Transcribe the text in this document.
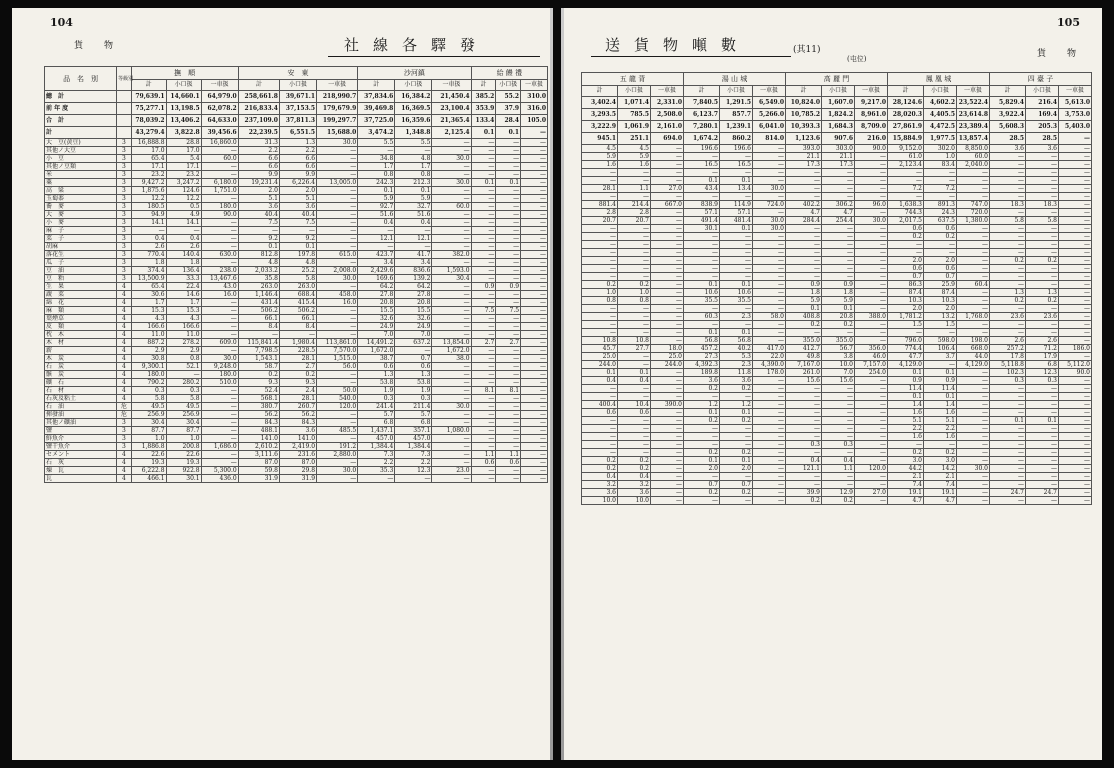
104
貨　物	社線各驛發
品　名　別	等級別	撫　順			安　東			沙河鎮			給 饅 禮		
		計	小口扱	一車扱	計	小口扱	一車扱	計	小口扱	一車扱	計	小口扱	一車扱
總　計		79,639.1	14,660.1	64,979.0	258,661.8	39,671.1	218,990.7	37,834.6	16,384.2	21,450.4	385.2	55.2	310.0
前 年 度		75,277.1	13,198.5	62,078.2	216,833.4	37,153.5	179,679.9	39,469.8	16,369.5	23,100.4	353.9	37.9	316.0
合　計		78,039.2	13,406.2	64,633.0	237,109.0	37,811.3	199,297.7	37,725.0	16,359.6	21,365.4	133.4	28.4	105.0
計		43,279.4	3,822.8	39,456.6	22,239.5	6,551.5	15,688.0	3,474.2	1,348.8	2,125.4	0.1	0.1	—
大　豆(黄豆)	3	16,888.8	28.8	16,860.0	31.3	1.3	30.0	5.5	5.5	—	—	—	—
其他ノ大豆	3	17.0	17.0	—	2.2	2.2	—	—	—	—	—	—	—
小　豆	3	65.4	5.4	60.0	6.6	6.6	—	34.8	4.8	30.0	—	—	—
其他ノ豆類	3	17.1	17.1	—	6.6	6.6	—	1.7	1.7	—	—	—	—
米	3	23.2	23.2	—	9.9	9.9	—	0.8	0.8	—	—	—	—
粟	3	9,427.2	3,247.2	6,180.0	19,231.4	6,226.4	13,005.0	242.3	212.3	30.0	0.1	0.1	—
高　粱	3	1,875.6	124.6	1,751.0	2.0	2.0	—	0.1	0.1	—	—	—	—
玉蜀黍	3	12.2	12.2	—	5.1	5.1	—	5.9	5.9	—	—	—	—
蕎　麥	3	180.5	0.5	180.0	3.6	3.6	—	92.7	32.7	60.0	—	—	—
大　麥	3	94.9	4.9	90.0	40.4	40.4	—	51.6	51.6	—	—	—	—
小　麥	3	14.1	14.1	—	7.5	7.5	—	0.4	0.4	—	—	—	—
麻　子	3	—	—	—	—	—	—	—	—	—	—	—	—
菜　子	3	0.4	0.4	—	9.2	9.2	—	12.1	12.1	—	—	—	—
胡麻	3	2.6	2.6	—	0.1	0.1	—	—	—	—	—	—	—
落花生	3	770.4	140.4	630.0	812.8	197.8	615.0	423.7	41.7	382.0	—	—	—
瓜　子	3	1.8	1.8	—	4.8	4.8	—	3.4	3.4	—	—	—	—
豆　油	3	374.4	136.4	238.0	2,033.2	25.2	2,008.0	2,429.6	836.6	1,593.0	—	—	—
豆　粕	3	13,500.9	33.3	13,467.6	35.8	5.8	30.0	169.6	139.2	30.4	—	—	—
生　果	4	65.4	22.4	43.0	263.0	263.0	—	64.2	64.2	—	0.9	0.9	—
蔬　菜	4	30.6	14.6	16.0	1,146.4	688.4	458.0	27.8	27.8	—	—	—	—
綿　花	4	1.7	1.7	—	431.4	415.4	16.0	20.8	20.8	—	—	—	—
麻　類	4	15.3	15.3	—	506.2	506.2	—	15.5	15.5	—	7.5	7.5	—
葉煙草	4	4.3	4.3	—	66.1	66.1	—	32.6	32.6	—	—	—	—
皮　類	4	166.6	166.6	—	8.4	8.4	—	24.9	24.9	—	—	—	—
枕　木	4	11.0	11.0	—	—	—	—	7.0	7.0	—	—	—	—
木　材	4	887.2	278.2	609.0	115,841.4	1,980.4	113,861.0	14,491.2	637.2	13,854.0	2.7	2.7	—
薪	4	2.9	2.9	—	7,798.5	228.5	7,570.0	1,672.0	—	1,672.0	—	—	—
木　炭	4	30.8	0.8	30.0	1,543.1	28.1	1,515.0	38.7	0.7	38.0	—	—	—
石　炭	4	9,300.1	52.1	9,248.0	58.7	2.7	56.0	0.6	0.6	—	—	—	—
骸　炭	4	180.0	—	180.0	0.2	0.2	—	1.3	1.3	—	—	—	—
礦　石	4	790.2	280.2	510.0	9.3	9.3	—	53.8	53.8	—	—	—	—
石　材	4	0.3	0.3	—	52.4	2.4	50.0	1.9	1.9	—	8.1	8.1	—
石灰及粘土	4	5.8	5.8	—	568.1	28.1	540.0	0.3	0.3	—	—	—	—
石　油	危	49.5	49.5	—	380.7	260.7	120.0	241.4	211.4	30.0	—	—	—
揮發油	危	256.9	256.9	—	56.2	56.2	—	5.7	5.7	—	—	—	—
其他ノ礦油	3	30.4	30.4	—	84.3	84.3	—	6.8	6.8	—	—	—	—
鹽	3	87.7	87.7	—	488.1	3.6	485.5	1,437.1	357.1	1,080.0	—	—	—
鮮魚介	3	1.0	1.0	—	141.0	141.0	—	457.0	457.0	—	—	—	—
鹽干魚介	3	1,886.8	200.8	1,686.0	2,610.2	2,419.0	191.2	1,384.4	1,384.4	—	—	—	—
セメント	4	22.6	22.6	—	3,111.6	231.6	2,880.0	7.3	7.3	—	1.1	1.1	—
石　灰	4	19.3	19.3	—	87.0	87.0	—	2.2	2.2	—	0.6	0.6	—
煉　瓦	4	6,222.8	922.8	5,300.0	59.8	29.8	30.0	35.3	12.3	23.0	—	—	—
瓦	4	466.1	30.1	436.0	31.9	31.9	—	—	—	—	—	—	—
送貨物噸數	(其11)
(屯位)
105
貨　物
五 龍 背			湯 山 城			高 麗 門			鳳 凰 城			四 臺 子		
計	小口扱	一車扱	計	小口扱	一車扱	計	小口扱	一車扱	計	小口扱	一車扱	計	小口扱	一車扱
3,402.4	1,071.4	2,331.0	7,840.5	1,291.5	6,549.0	10,824.0	1,607.0	9,217.0	28,124.6	4,602.2	23,522.4	5,829.4	216.4	5,613.0
3,293.5	785.5	2,508.0	6,123.7	857.7	5,266.0	10,785.2	1,824.2	8,961.0	28,020.3	4,405.5	23,614.8	3,922.4	169.4	3,753.0
3,222.9	1,061.9	2,161.0	7,280.1	1,239.1	6,041.0	10,393.3	1,684.3	8,709.0	27,861.9	4,472.5	23,389.4	5,608.3	205.3	5,403.0
945.1	251.1	694.0	1,674.2	860.2	814.0	1,123.6	907.6	216.0	15,884.9	1,977.5	13,857.4	28.5	28.5	—
4.5	4.5	—	196.6	196.6	—	393.0	303.0	90.0	9,152.0	302.0	8,850.0	3.6	3.6	—
5.9	5.9	—	—	—	—	21.1	21.1	—	61.0	1.0	60.0	—	—	—
1.6	1.6	—	16.5	16.5	—	17.3	17.3	—	2,123.4	83.4	2,040.0	—	—	—
—	—	—	—	—	—	—	—	—	—	—	—	—	—	—
—	—	—	0.1	0.1	—	—	—	—	—	—	—	—	—	—
28.1	1.1	27.0	43.4	13.4	30.0	—	—	—	7.2	7.2	—	—	—	—
—	—	—	—	—	—	—	—	—	—	—	—	—	—	—
881.4	214.4	667.0	838.9	114.9	724.0	402.2	306.2	96.0	1,638.3	891.3	747.0	18.3	18.3	—
2.8	2.8	—	57.1	57.1	—	4.7	4.7	—	744.3	24.3	720.0	—	—	—
20.7	20.7	—	491.4	481.4	30.0	284.4	254.4	30.0	2,017.5	637.5	1,380.0	5.8	5.8	—
—	—	—	30.1	0.1	30.0	—	—	—	0.6	0.6	—	—	—	—
—	—	—	—	—	—	—	—	—	0.2	0.2	—	—	—	—
—	—	—	—	—	—	—	—	—	—	—	—	—	—	—
—	—	—	—	—	—	—	—	—	—	—	—	—	—	—
—	—	—	—	—	—	—	—	—	2.0	2.0	—	0.2	0.2	—
—	—	—	—	—	—	—	—	—	0.6	0.6	—	—	—	—
—	—	—	—	—	—	—	—	—	0.7	0.7	—	—	—	—
0.2	0.2	—	0.1	0.1	—	0.9	0.9	—	86.3	25.9	60.4	—	—	—
1.0	1.0	—	10.6	10.6	—	1.8	1.8	—	87.4	87.4	—	1.3	1.3	—
0.8	0.8	—	35.5	35.5	—	5.9	5.9	—	10.3	10.3	—	0.2	0.2	—
—	—	—	—	—	—	0.1	0.1	—	2.0	2.0	—	—	—	—
—	—	—	60.3	2.3	58.0	408.8	20.8	388.0	1,781.2	13.2	1,768.0	23.6	23.6	—
—	—	—	—	—	—	0.2	0.2	—	1.5	1.5	—	—	—	—
—	—	—	0.1	0.1	—	—	—	—	—	—	—	—	—	—
10.8	10.8	—	56.8	56.8	—	355.0	355.0	—	796.0	598.0	198.0	2.6	2.6	—
45.7	27.7	18.0	457.2	40.2	417.0	412.7	56.7	356.0	774.4	106.4	668.0	257.2	71.2	186.0
25.0	—	25.0	27.3	5.3	22.0	49.8	3.8	46.0	47.7	3.7	44.0	17.8	17.9	—
244.0	—	244.0	4,392.3	2.3	4,390.0	7,167.0	10.0	7,157.0	4,129.0	—	4,129.0	5,118.8	6.8	5,112.0
0.1	0.1	—	189.8	11.8	178.0	261.0	7.0	254.0	0.1	0.1	—	102.3	12.3	90.0
0.4	0.4	—	3.6	3.6	—	15.6	15.6	—	0.9	0.9	—	0.3	0.3	—
—	—	—	0.2	0.2	—	—	—	—	11.4	11.4	—	—	—	—
—	—	—	—	—	—	—	—	—	0.1	0.1	—	—	—	—
400.4	10.4	390.0	1.2	1.2	—	—	—	—	1.4	1.4	—	—	—	—
0.6	0.6	—	0.1	0.1	—	—	—	—	1.6	1.6	—	—	—	—
—	—	—	0.2	0.2	—	—	—	—	5.1	5.1	—	0.1	0.1	—
—	—	—	—	—	—	—	—	—	2.2	2.2	—	—	—	—
—	—	—	—	—	—	—	—	—	1.6	1.6	—	—	—	—
—	—	—	—	—	—	0.3	0.3	—	—	—	—	—	—	—
—	—	—	0.2	0.2	—	—	—	—	0.2	0.2	—	—	—	—
0.2	0.2	—	0.1	0.1	—	0.4	0.4	—	3.0	3.0	—	—	—	—
0.2	0.2	—	2.0	2.0	—	121.1	1.1	120.0	44.2	14.2	30.0	—	—	—
0.4	0.4	—	—	—	—	—	—	—	2.1	2.1	—	—	—	—
3.2	3.2	—	0.7	0.7	—	—	—	—	7.4	7.4	—	—	—	—
3.6	3.6	—	0.2	0.2	—	39.9	12.9	27.0	19.1	19.1	—	24.7	24.7	—
10.0	10.0	—	—	—	—	0.2	0.2	—	4.7	4.7	—	—	—	—
